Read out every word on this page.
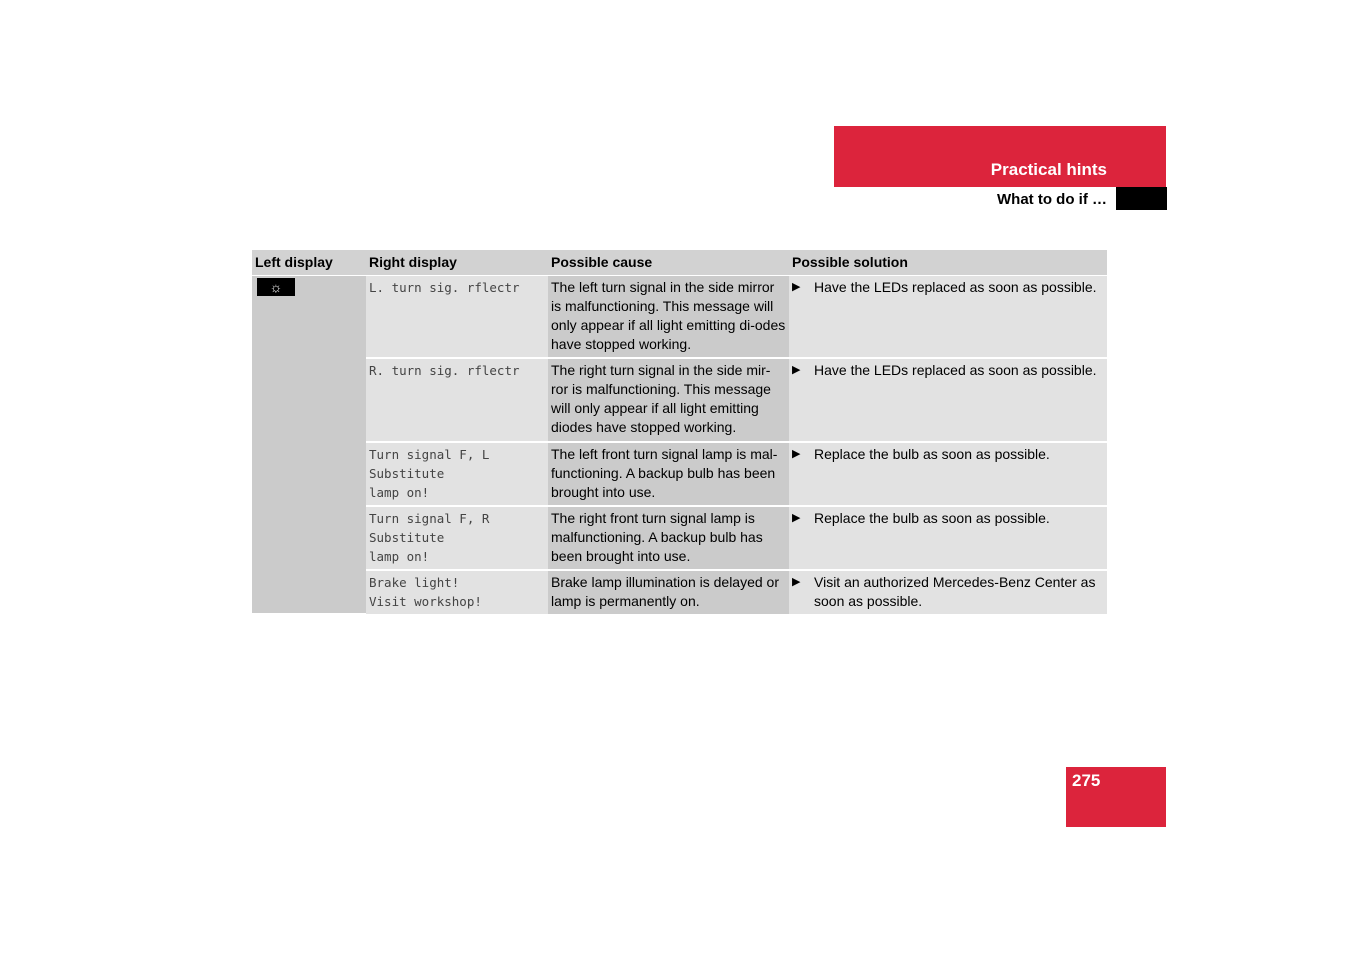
Practical hints
What to do if …
Left display	Right display	Possible cause	Possible solution
☼	L. turn sig. rflectr	The left turn signal in the side mirror is malfunctioning. This message will only appear if all light emitting di-odes have stopped working.	▶ Have the LEDs replaced as soon as possible.

	R. turn sig. rflectr	The right turn signal in the side mir-ror is malfunctioning. This message will only appear if all light emitting diodes have stopped working.	▶ Have the LEDs replaced as soon as possible.

	Turn signal F, L
Substitute
lamp on!	The left front turn signal lamp is mal-functioning. A backup bulb has been brought into use.	▶ Replace the bulb as soon as possible.

	Turn signal F, R
Substitute
lamp on!	The right front turn signal lamp is malfunctioning. A backup bulb has been brought into use.	▶ Replace the bulb as soon as possible.

	Brake light!
Visit workshop!	Brake lamp illumination is delayed or lamp is permanently on.	▶ Visit an authorized Mercedes-Benz Center as soon as possible.
275
